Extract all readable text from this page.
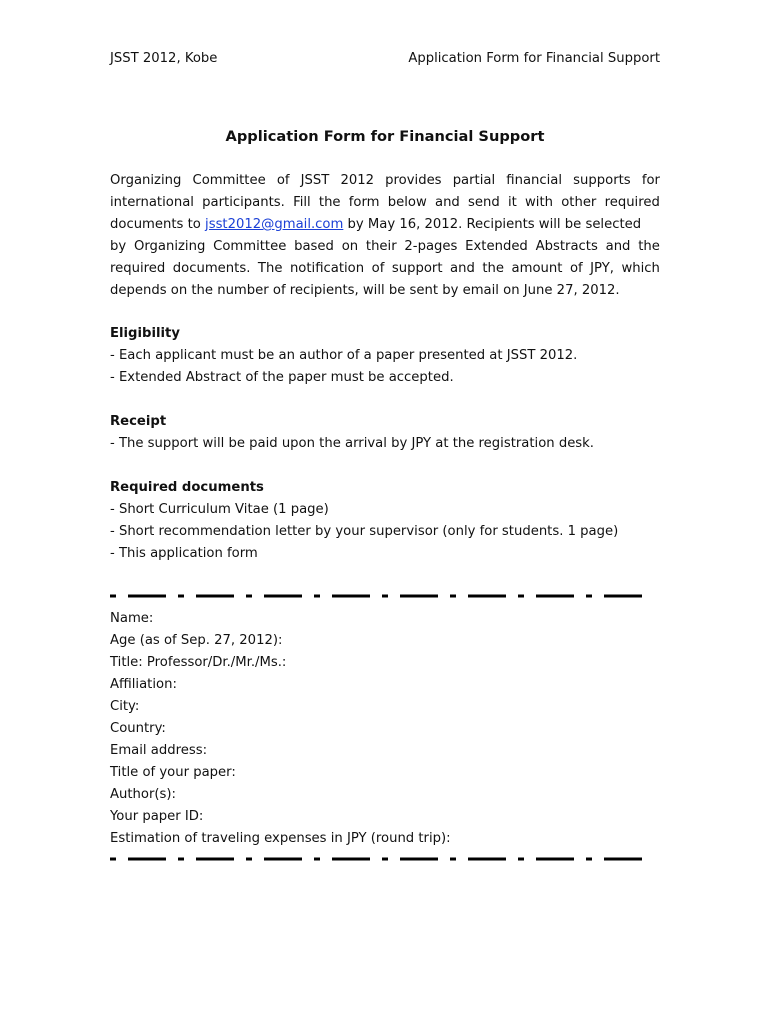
JSST 2012, Kobe	Application Form for Financial Support
Application Form for Financial Support
Organizing Committee of JSST 2012 provides partial financial supports for
international participants. Fill the form below and send it with other required
documents to jsst2012@gmail.com by May 16, 2012. Recipients will be selected
by Organizing Committee based on their 2-pages Extended Abstracts and the
required documents. The notification of support and the amount of JPY, which
depends on the number of recipients, will be sent by email on June 27, 2012.
Eligibility
- Each applicant must be an author of a paper presented at JSST 2012.
- Extended Abstract of the paper must be accepted.
Receipt
- The support will be paid upon the arrival by JPY at the registration desk.
Required documents
- Short Curriculum Vitae (1 page)
- Short recommendation letter by your supervisor (only for students. 1 page)
- This application form
Name:
Age (as of Sep. 27, 2012):
Title: Professor/Dr./Mr./Ms.:
Affiliation:
City:
Country:
Email address:
Title of your paper:
Author(s):
Your paper ID:
Estimation of traveling expenses in JPY (round trip):
